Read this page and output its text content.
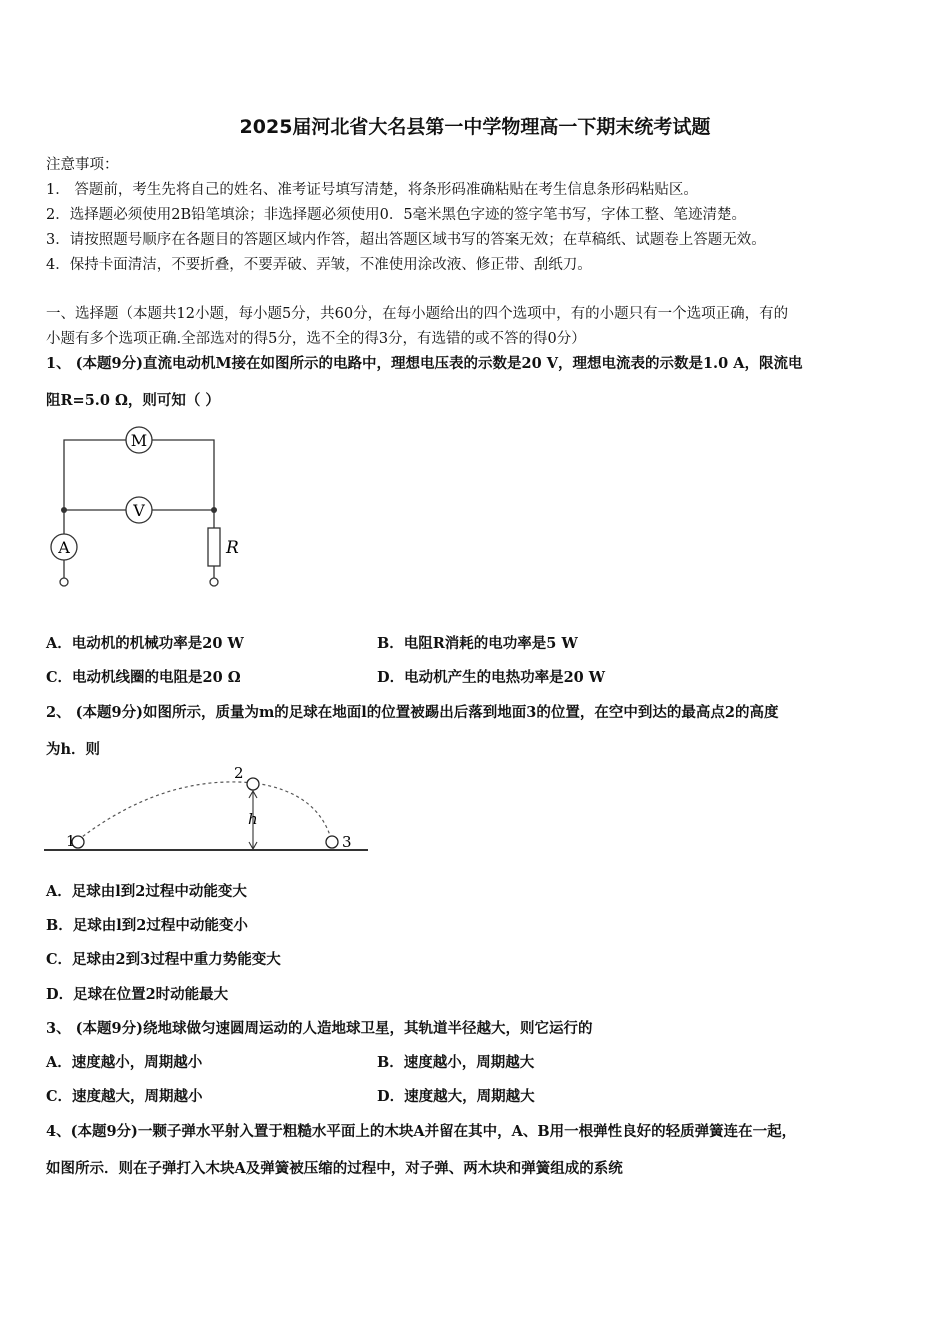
2025届河北省大名县第一中学物理高一下期末统考试题
注意事项：
1． 答题前，考生先将自己的姓名、准考证号填写清楚，将条形码准确粘贴在考生信息条形码粘贴区。
2．选择题必须使用2B铅笔填涂；非选择题必须使用0．5毫米黑色字迹的签字笔书写，字体工整、笔迹清楚。
3．请按照题号顺序在各题目的答题区域内作答，超出答题区域书写的答案无效；在草稿纸、试题卷上答题无效。
4．保持卡面清洁，不要折叠，不要弄破、弄皱，不准使用涂改液、修正带、刮纸刀。
一、选择题（本题共12小题，每小题5分，共60分，在每小题给出的四个选项中，有的小题只有一个选项正确，有的
小题有多个选项正确.全部选对的得5分，选不全的得3分，有选错的或不答的得0分）
1、 (本题9分)直流电动机M接在如图所示的电路中，理想电压表的示数是20 V，理想电流表的示数是1.0 A，限流电
阻R=5.0 Ω，则可知（ ）
M
V
A	R
A．电动机的机械功率是20 W	B．电阻R消耗的电功率是5 W
C．电动机线圈的电阻是20 Ω	D．电动机产生的电热功率是20 W
2、 (本题9分)如图所示，质量为m的足球在地面l的位置被踢出后落到地面3的位置，在空中到达的最高点2的高度
为h．则
1
2
3
h
A．足球由l到2过程中动能变大
B．足球由l到2过程中动能变小
C．足球由2到3过程中重力势能变大
D．足球在位置2时动能最大
3、 (本题9分)绕地球做匀速圆周运动的人造地球卫星，其轨道半径越大，则它运行的
A．速度越小，周期越小	B．速度越小，周期越大
C．速度越大，周期越小	D．速度越大，周期越大
4、(本题9分)一颗子弹水平射入置于粗糙水平面上的木块A并留在其中，A、B用一根弹性良好的轻质弹簧连在一起，
如图所示．则在子弹打入木块A及弹簧被压缩的过程中，对子弹、两木块和弹簧组成的系统
